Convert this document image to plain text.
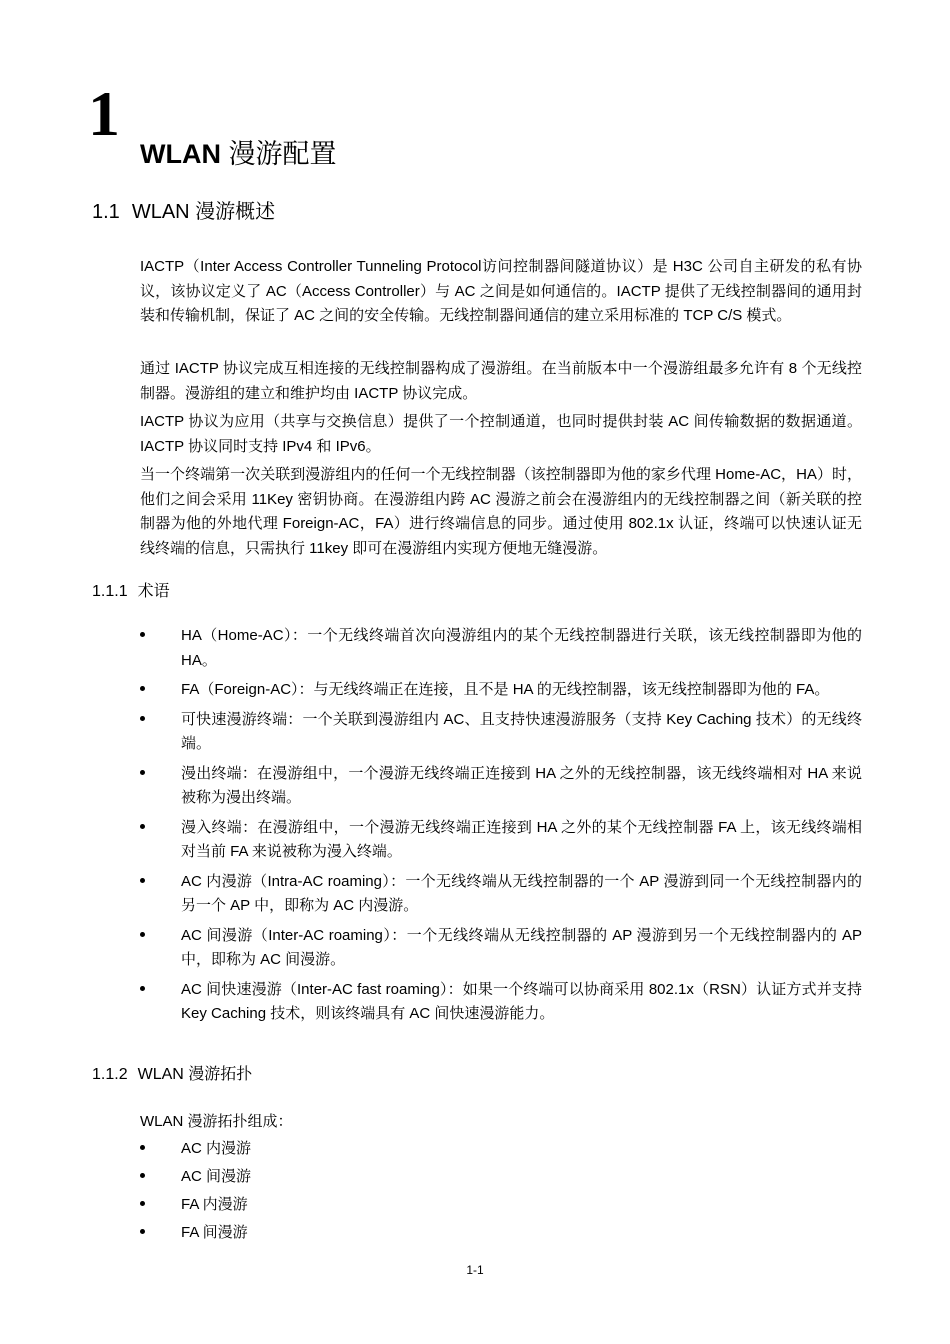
1
WLAN 漫游配置
1.1 WLAN 漫游概述

IACTP（Inter Access Controller Tunneling Protocol访问控制器间隧道协议）是 H3C 公司自主研发的私有协议，该协议定义了 AC（Access Controller）与 AC 之间是如何通信的。IACTP 提供了无线控制器间的通用封装和传输机制，保证了 AC 之间的安全传输。无线控制器间通信的建立采用标准的 TCP C/S 模式。

通过 IACTP 协议完成互相连接的无线控制器构成了漫游组。在当前版本中一个漫游组最多允许有 8 个无线控制器。漫游组的建立和维护均由 IACTP 协议完成。

IACTP 协议为应用（共享与交换信息）提供了一个控制通道，也同时提供封装 AC 间传输数据的数据通道。IACTP 协议同时支持 IPv4 和 IPv6。

当一个终端第一次关联到漫游组内的任何一个无线控制器（该控制器即为他的家乡代理 Home-AC，HA）时，他们之间会采用 11Key 密钥协商。在漫游组内跨 AC 漫游之前会在漫游组内的无线控制器之间（新关联的控制器为他的外地代理 Foreign-AC，FA）进行终端信息的同步。通过使用 802.1x 认证，终端可以快速认证无线终端的信息，只需执行 11key 即可在漫游组内实现方便地无缝漫游。

1.1.1 术语
HA（Home-AC）：一个无线终端首次向漫游组内的某个无线控制器进行关联，该无线控制器即为他的 HA。
FA（Foreign-AC）：与无线终端正在连接，且不是 HA 的无线控制器，该无线控制器即为他的 FA。
可快速漫游终端：一个关联到漫游组内 AC、且支持快速漫游服务（支持 Key Caching 技术）的无线终端。
漫出终端：在漫游组中，一个漫游无线终端正连接到 HA 之外的无线控制器，该无线终端相对 HA 来说被称为漫出终端。
漫入终端：在漫游组中，一个漫游无线终端正连接到 HA 之外的某个无线控制器 FA 上，该无线终端相对当前 FA 来说被称为漫入终端。
AC 内漫游（Intra-AC roaming）：一个无线终端从无线控制器的一个 AP 漫游到同一个无线控制器内的另一个 AP 中，即称为 AC 内漫游。
AC 间漫游（Inter-AC roaming）：一个无线终端从无线控制器的 AP 漫游到另一个无线控制器内的 AP 中，即称为 AC 间漫游。
AC 间快速漫游（Inter-AC fast roaming）：如果一个终端可以协商采用 802.1x（RSN）认证方式并支持 Key Caching 技术，则该终端具有 AC 间快速漫游能力。
1.1.2 WLAN 漫游拓扑

WLAN 漫游拓扑组成：

AC 内漫游
AC 间漫游
FA 内漫游
FA 间漫游
1-1
